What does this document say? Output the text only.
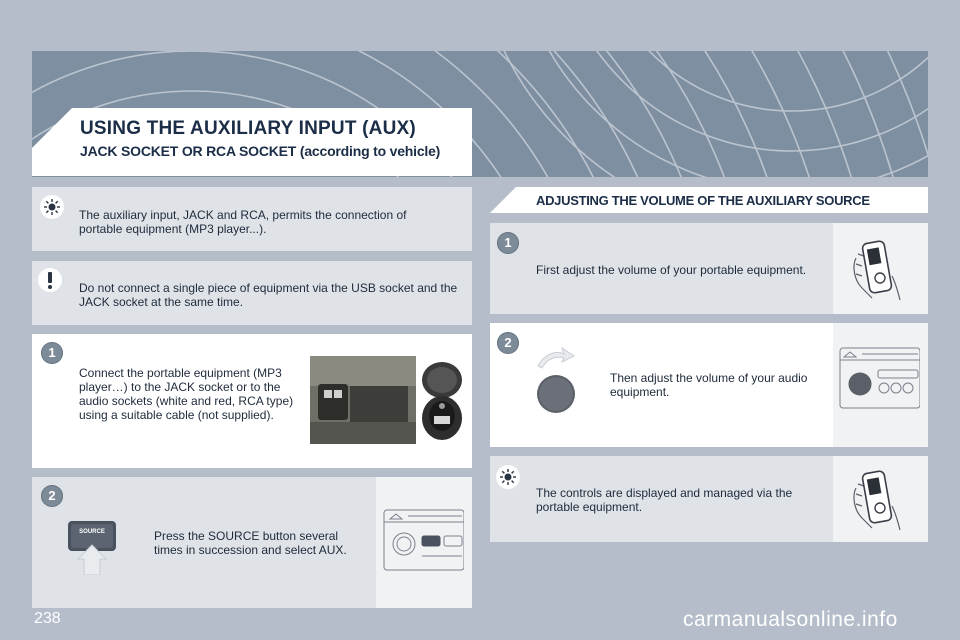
USING THE AUXILIARY INPUT (AUX)
JACK SOCKET OR RCA SOCKET (according to vehicle)
The auxiliary input, JACK and RCA, permits the connection of portable equipment (MP3 player...).
Do not connect a single piece of equipment via the USB socket and the JACK socket at the same time.
1
Connect the portable equipment (MP3 player…) to the JACK socket or to the audio sockets (white and red, RCA type) using a suitable cable (not supplied).
2
SOURCE	Press the SOURCE button several times in succession and select AUX.
ADJUSTING THE VOLUME OF THE AUXILIARY SOURCE
1
First adjust the volume of your portable equipment.
2
Then adjust the volume of your audio equipment.
The controls are displayed and managed via the portable equipment.
238	carmanualsonline.info
